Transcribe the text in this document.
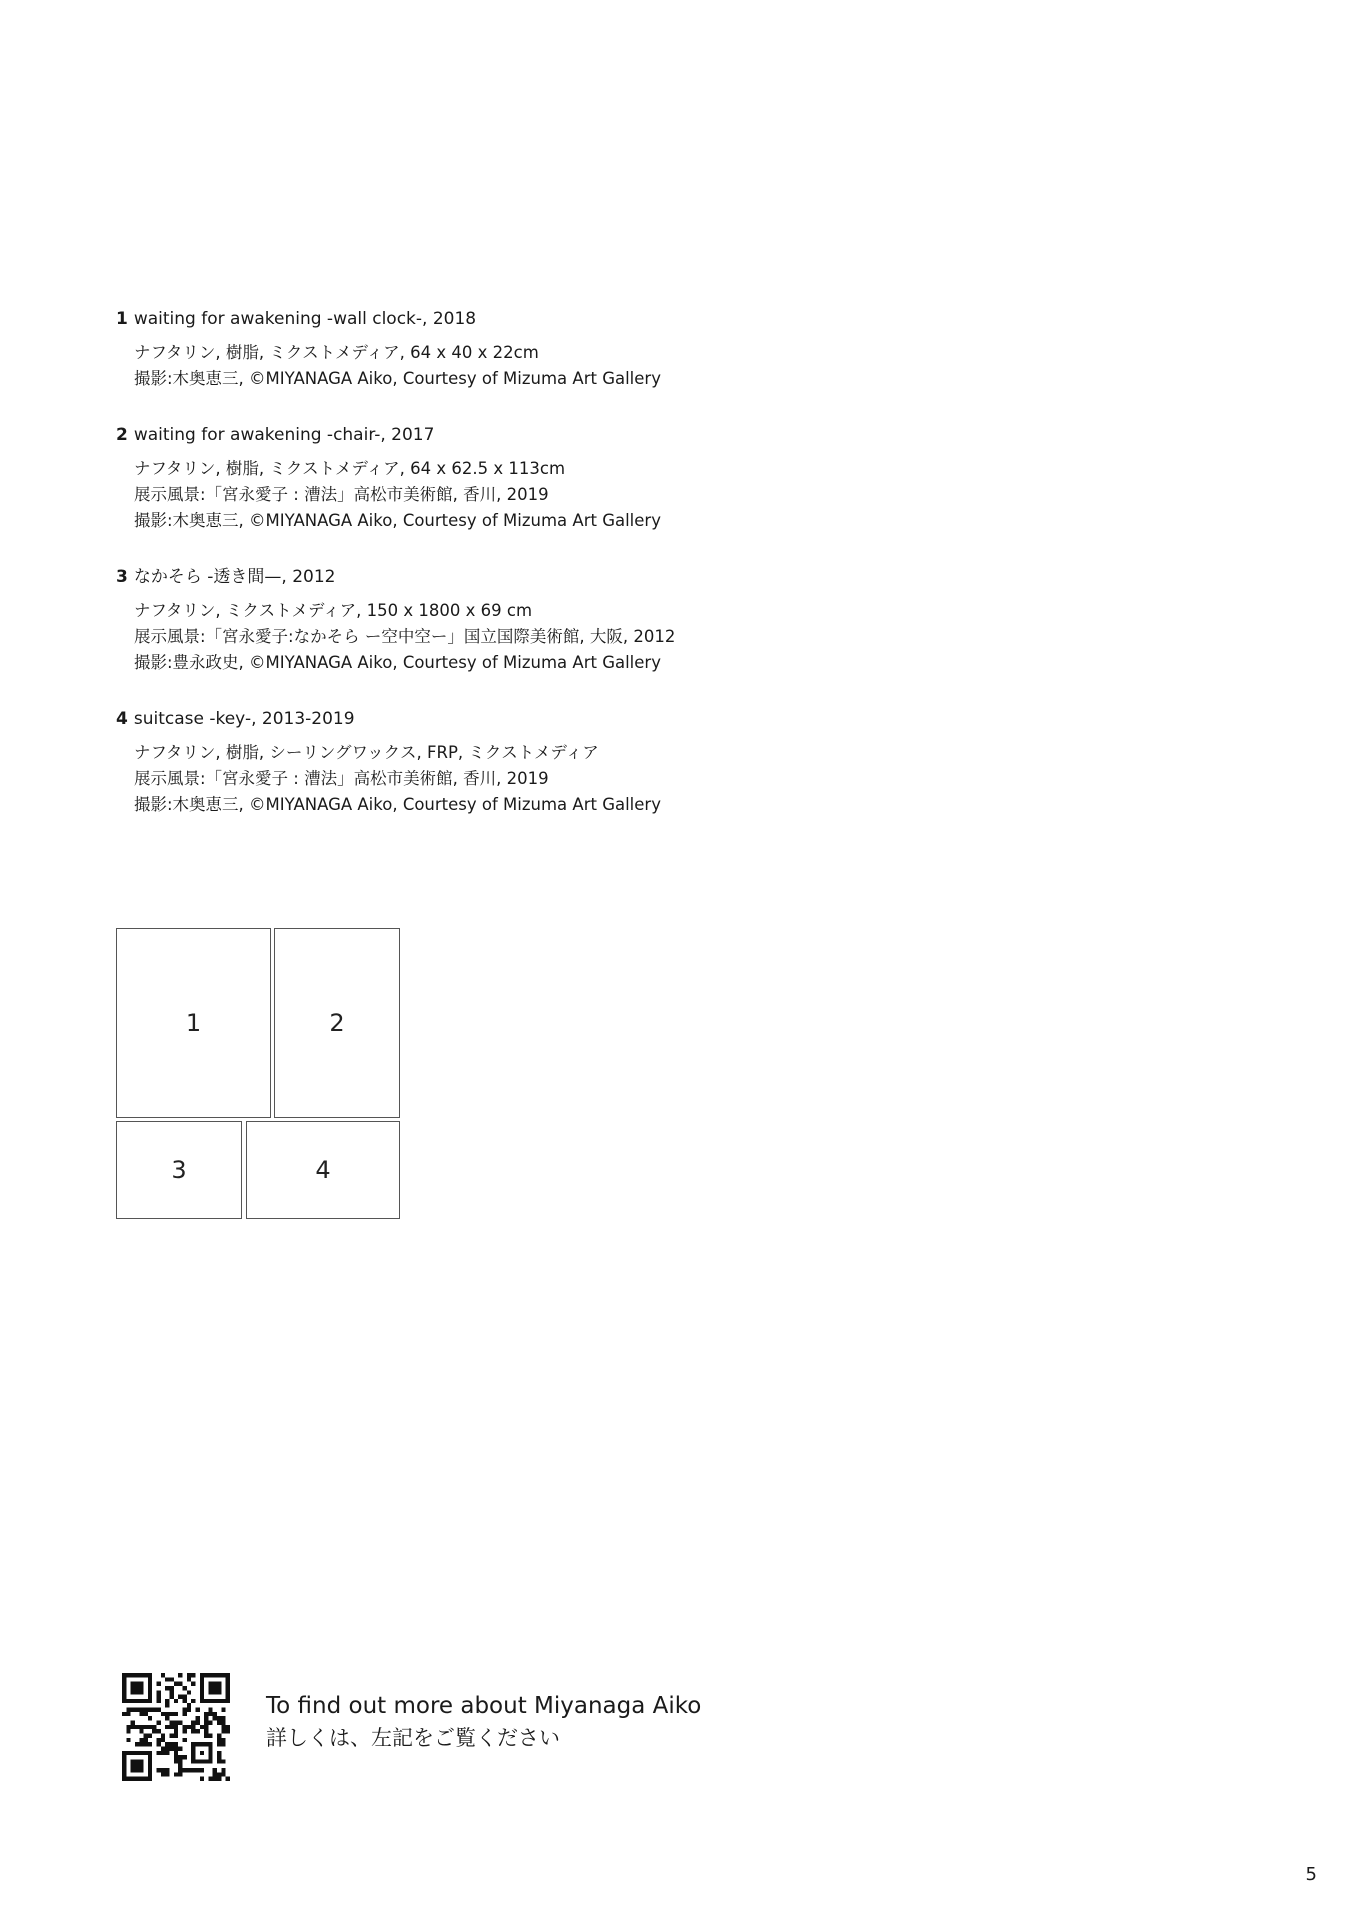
1 waiting for awakening -wall clock-, 2018
ナフタリン, 樹脂, ミクストメディア, 64 x 40 x 22cm
撮影:木奥恵三, ©MIYANAGA Aiko, Courtesy of Mizuma Art Gallery
2 waiting for awakening -chair-, 2017
ナフタリン, 樹脂, ミクストメディア, 64 x 62.5 x 113cm
展示風景:「宮永愛子 : 漕法」高松市美術館, 香川, 2019
撮影:木奥恵三, ©MIYANAGA Aiko, Courtesy of Mizuma Art Gallery
3 なかそら -透き間—, 2012
ナフタリン, ミクストメディア, 150 x 1800 x 69 cm
展示風景:「宮永愛子:なかそら ー空中空ー」国立国際美術館, 大阪, 2012
撮影:豊永政史, ©MIYANAGA Aiko, Courtesy of Mizuma Art Gallery
4 suitcase -key-, 2013-2019
ナフタリン, 樹脂, シーリングワックス, FRP, ミクストメディア
展示風景:「宮永愛子 : 漕法」高松市美術館, 香川, 2019
撮影:木奥恵三, ©MIYANAGA Aiko, Courtesy of Mizuma Art Gallery
1	2
3	4
To find out more about Miyanaga Aiko
詳しくは、左記をご覧ください
5
